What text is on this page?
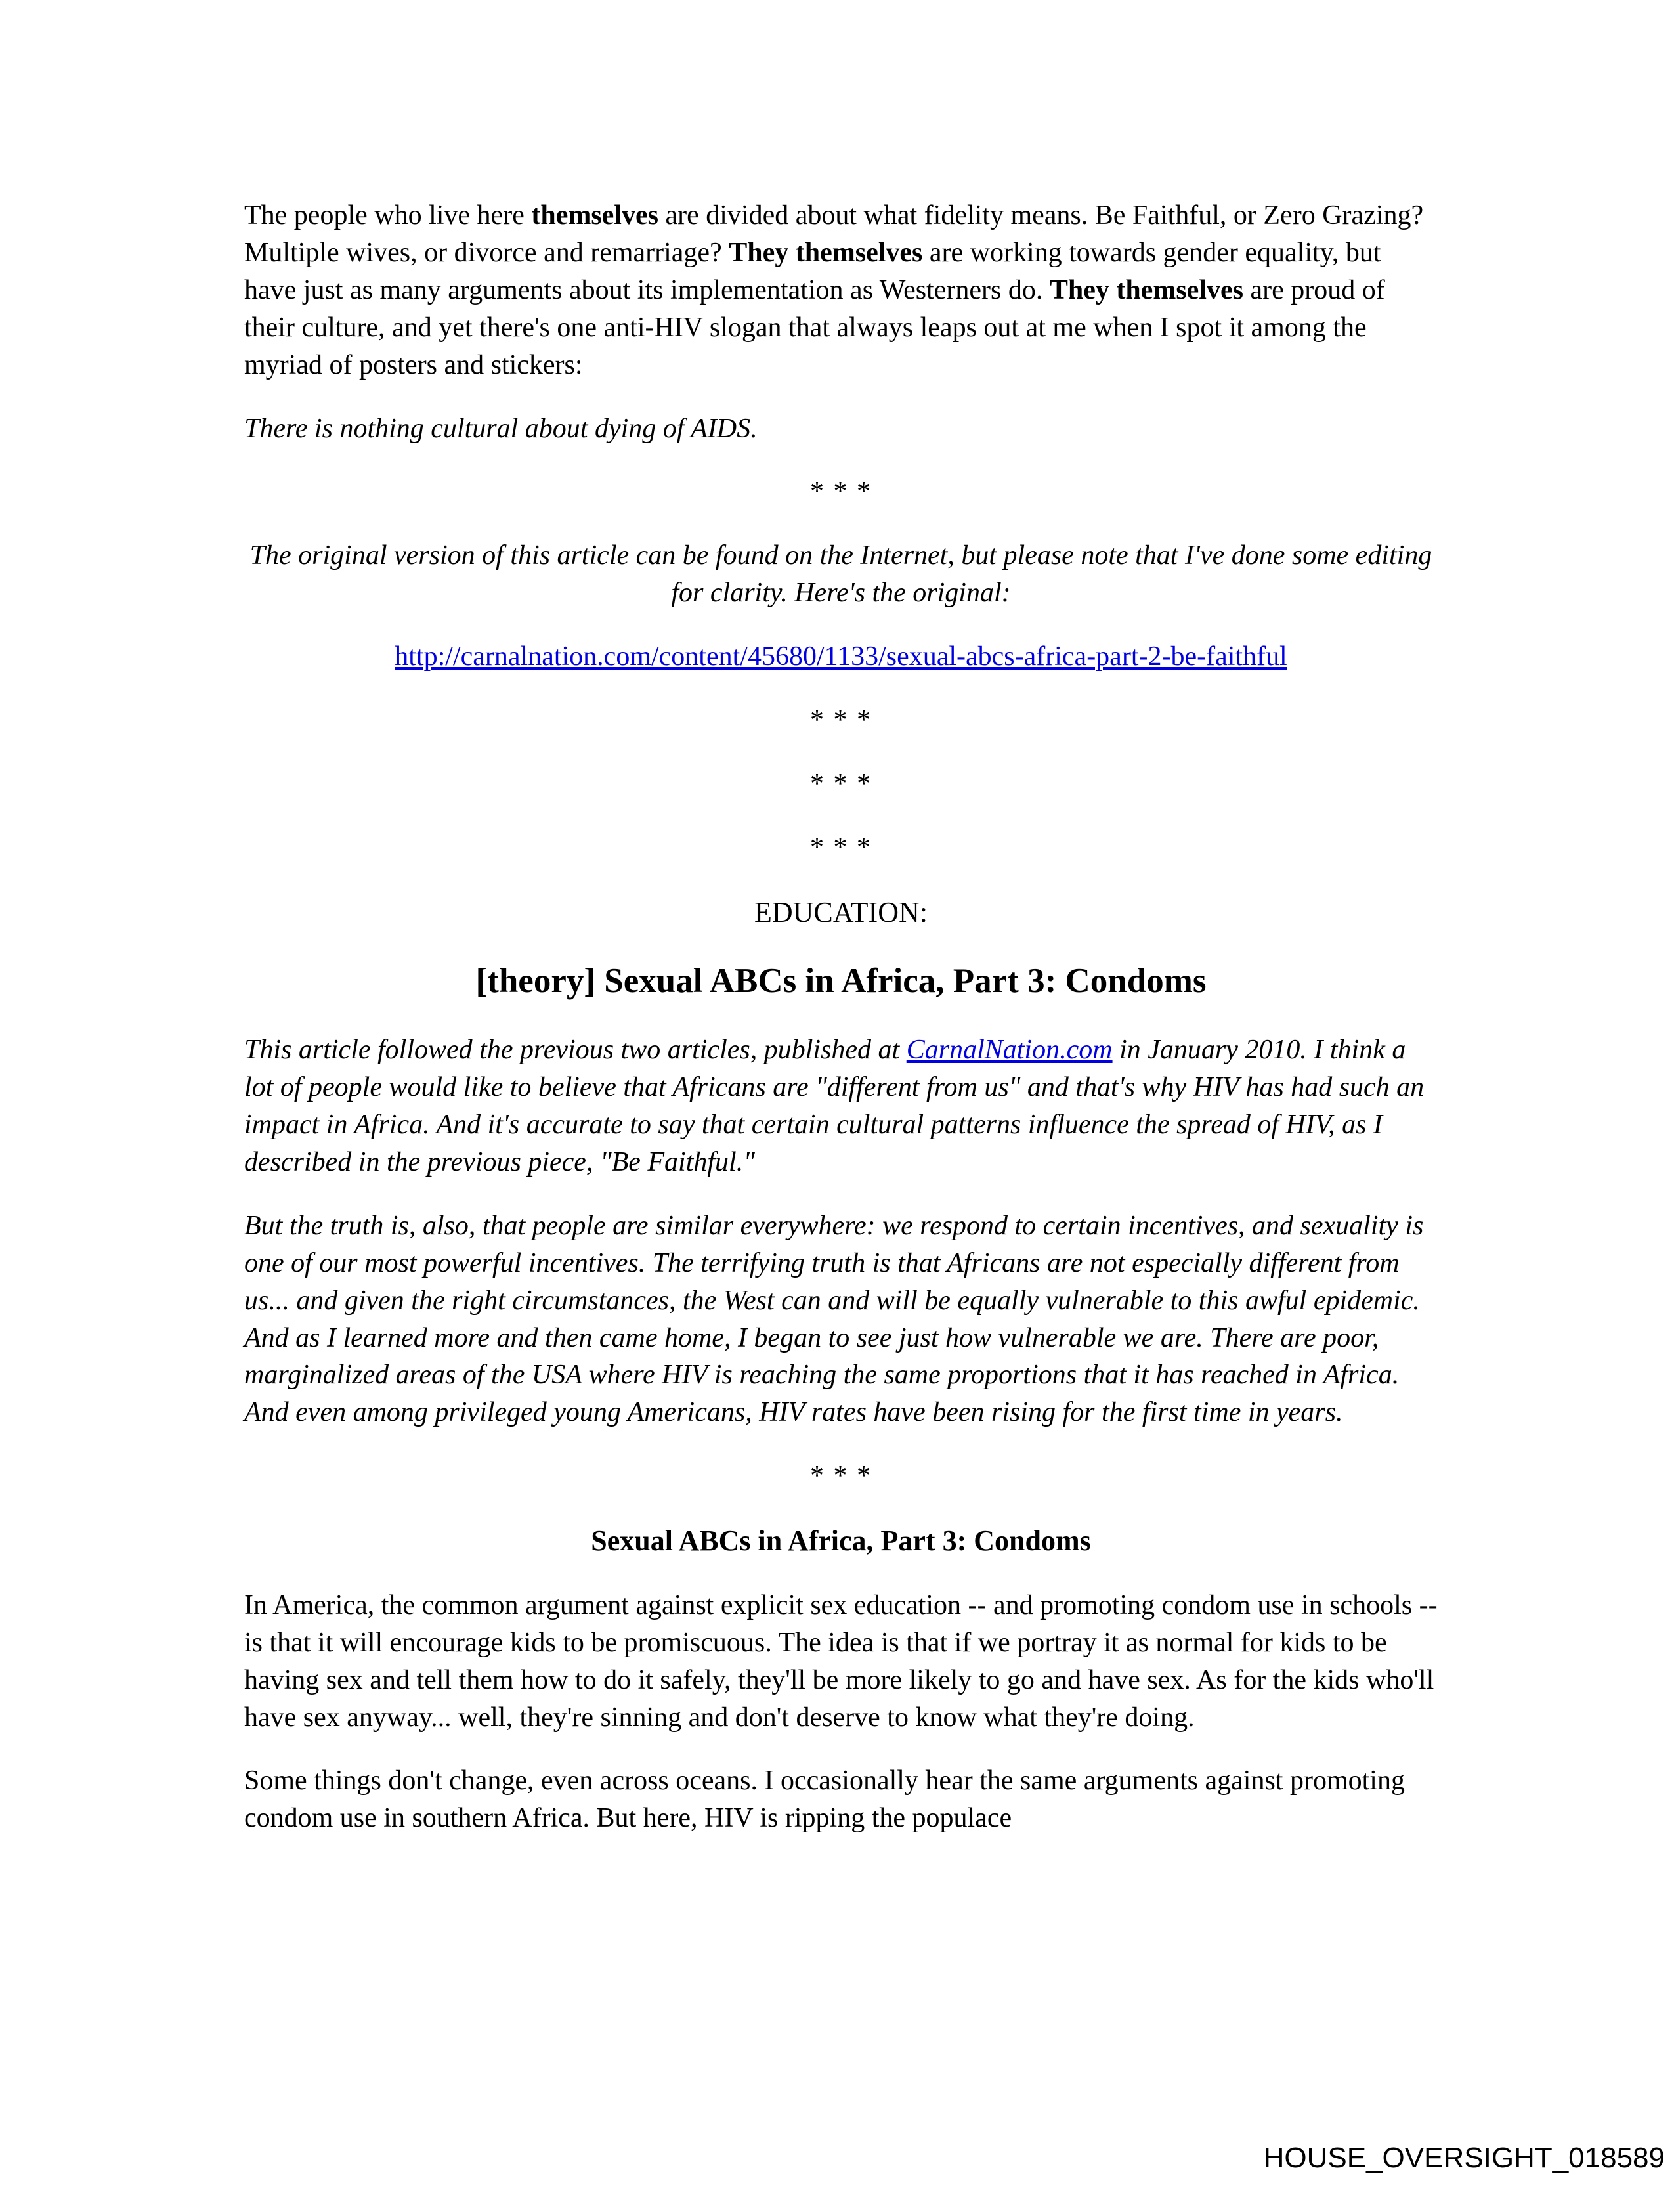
The people who live here themselves are divided about what fidelity means. Be Faithful, or Zero Grazing? Multiple wives, or divorce and remarriage? They themselves are working towards gender equality, but have just as many arguments about its implementation as Westerners do. They themselves are proud of their culture, and yet there's one anti-HIV slogan that always leaps out at me when I spot it among the myriad of posters and stickers:

There is nothing cultural about dying of AIDS.

* * *

The original version of this article can be found on the Internet, but please note that I've done some editing for clarity. Here's the original:

http://carnalnation.com/content/45680/1133/sexual-abcs-africa-part-2-be-faithful

* * *

* * *

* * *

EDUCATION:

[theory] Sexual ABCs in Africa, Part 3: Condoms

This article followed the previous two articles, published at CarnalNation.com in January 2010. I think a lot of people would like to believe that Africans are "different from us" and that's why HIV has had such an impact in Africa. And it's accurate to say that certain cultural patterns influence the spread of HIV, as I described in the previous piece, "Be Faithful."

But the truth is, also, that people are similar everywhere: we respond to certain incentives, and sexuality is one of our most powerful incentives. The terrifying truth is that Africans are not especially different from us... and given the right circumstances, the West can and will be equally vulnerable to this awful epidemic. And as I learned more and then came home, I began to see just how vulnerable we are. There are poor, marginalized areas of the USA where HIV is reaching the same proportions that it has reached in Africa. And even among privileged young Americans, HIV rates have been rising for the first time in years.

* * *

Sexual ABCs in Africa, Part 3: Condoms

In America, the common argument against explicit sex education -- and promoting condom use in schools -- is that it will encourage kids to be promiscuous. The idea is that if we portray it as normal for kids to be having sex and tell them how to do it safely, they'll be more likely to go and have sex. As for the kids who'll have sex anyway... well, they're sinning and don't deserve to know what they're doing.

Some things don't change, even across oceans. I occasionally hear the same arguments against promoting condom use in southern Africa. But here, HIV is ripping the populace

HOUSE_OVERSIGHT_018589
